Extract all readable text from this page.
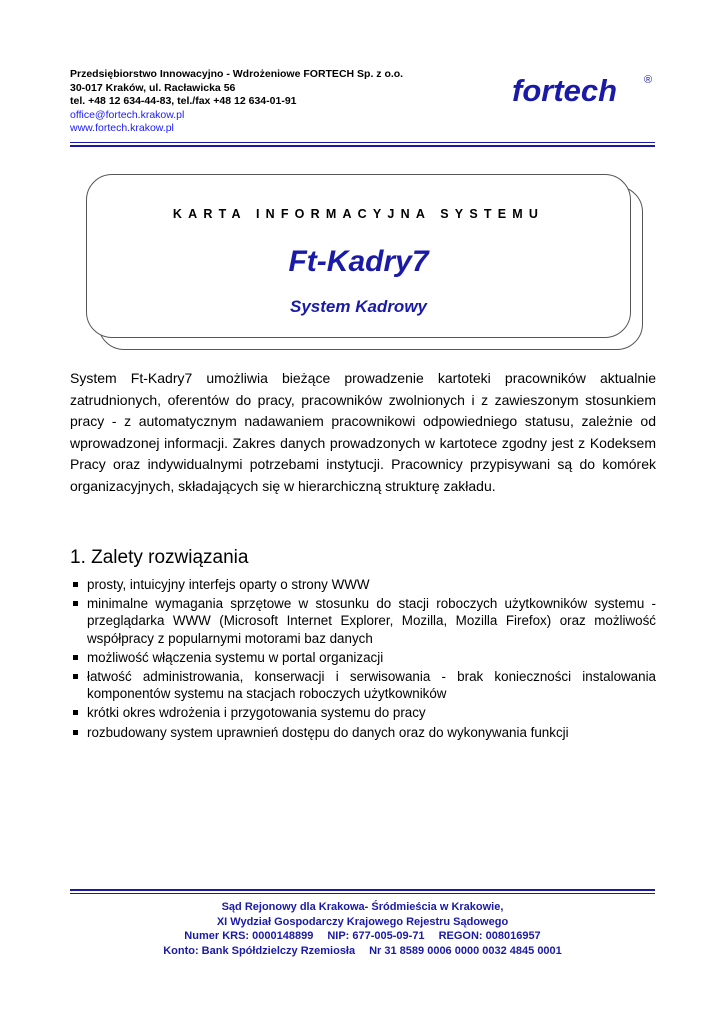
Przedsiębiorstwo Innowacyjno - Wdrożeniowe FORTECH Sp. z o.o.
30-017 Kraków, ul. Racławicka 56
tel. +48 12 634-44-83, tel./fax +48 12 634-01-91
office@fortech.krakow.pl
www.fortech.krakow.pl
fortech ®
KARTA INFORMACYJNA SYSTEMU
Ft-Kadry7
System Kadrowy
System Ft-Kadry7 umożliwia bieżące prowadzenie kartoteki pracowników aktualnie zatrudnionych, oferentów do pracy, pracowników zwolnionych i z zawieszonym stosunkiem pracy - z automatycznym nadawaniem pracownikowi odpowiedniego statusu, zależnie od wprowadzonej informacji. Zakres danych prowadzonych w kartotece zgodny jest z Kodeksem Pracy oraz indywidualnymi potrzebami instytucji. Pracownicy przypisywani są do komórek organizacyjnych, składających się w hierarchiczną strukturę zakładu.
1. Zalety rozwiązania
prosty, intuicyjny interfejs oparty o strony WWW
minimalne wymagania sprzętowe w stosunku do stacji roboczych użytkowników systemu - przeglądarka WWW (Microsoft Internet Explorer, Mozilla, Mozilla Firefox) oraz możliwość współpracy z popularnymi motorami baz danych
możliwość włączenia systemu w portal organizacji
łatwość administrowania, konserwacji i serwisowania - brak konieczności instalowania komponentów systemu na stacjach roboczych użytkowników
krótki okres wdrożenia i przygotowania systemu do pracy
rozbudowany system uprawnień dostępu do danych oraz do wykonywania funkcji
Sąd Rejonowy dla Krakowa- Śródmieścia w Krakowie,
XI Wydział Gospodarczy Krajowego Rejestru Sądowego
Numer KRS: 0000148899 NIP: 677-005-09-71 REGON: 008016957
Konto: Bank Spółdzielczy Rzemiosła Nr 31 8589 0006 0000 0032 4845 0001
